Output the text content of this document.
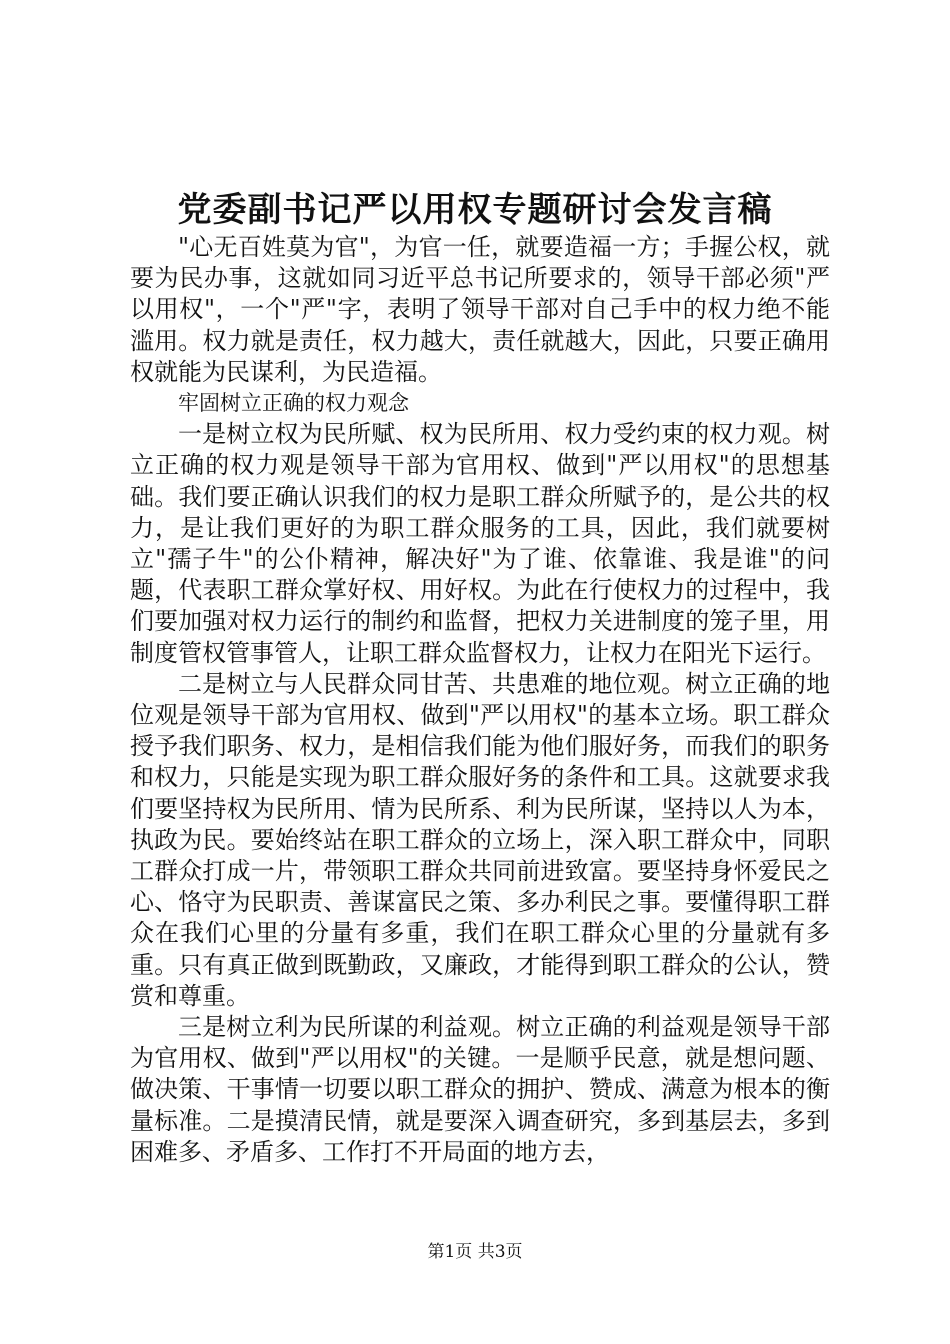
党委副书记严以用权专题研讨会发言稿

"心无百姓莫为官"，为官一任，就要造福一方；手握公权，就要为民办事，这就如同习近平总书记所要求的，领导干部必须"严以用权"，一个"严"字，表明了领导干部对自己手中的权力绝不能滥用。权力就是责任，权力越大，责任就越大，因此，只要正确用权就能为民谋利，为民造福。

牢固树立正确的权力观念

一是树立权为民所赋、权为民所用、权力受约束的权力观。树立正确的权力观是领导干部为官用权、做到"严以用权"的思想基础。我们要正确认识我们的权力是职工群众所赋予的，是公共的权力，是让我们更好的为职工群众服务的工具，因此，我们就要树立"孺子牛"的公仆精神，解决好"为了谁、依靠谁、我是谁"的问题，代表职工群众掌好权、用好权。为此在行使权力的过程中，我们要加强对权力运行的制约和监督，把权力关进制度的笼子里，用制度管权管事管人，让职工群众监督权力，让权力在阳光下运行。

二是树立与人民群众同甘苦、共患难的地位观。树立正确的地位观是领导干部为官用权、做到"严以用权"的基本立场。职工群众授予我们职务、权力，是相信我们能为他们服好务，而我们的职务和权力，只能是实现为职工群众服好务的条件和工具。这就要求我们要坚持权为民所用、情为民所系、利为民所谋，坚持以人为本，执政为民。要始终站在职工群众的立场上，深入职工群众中，同职工群众打成一片，带领职工群众共同前进致富。要坚持身怀爱民之心、恪守为民职责、善谋富民之策、多办利民之事。要懂得职工群众在我们心里的分量有多重，我们在职工群众心里的分量就有多重。只有真正做到既勤政，又廉政，才能得到职工群众的公认，赞赏和尊重。

三是树立利为民所谋的利益观。树立正确的利益观是领导干部为官用权、做到"严以用权"的关键。一是顺乎民意，就是想问题、做决策、干事情一切要以职工群众的拥护、赞成、满意为根本的衡量标准。二是摸清民情，就是要深入调查研究，多到基层去，多到困难多、矛盾多、工作打不开局面的地方去，

第1页 共3页
